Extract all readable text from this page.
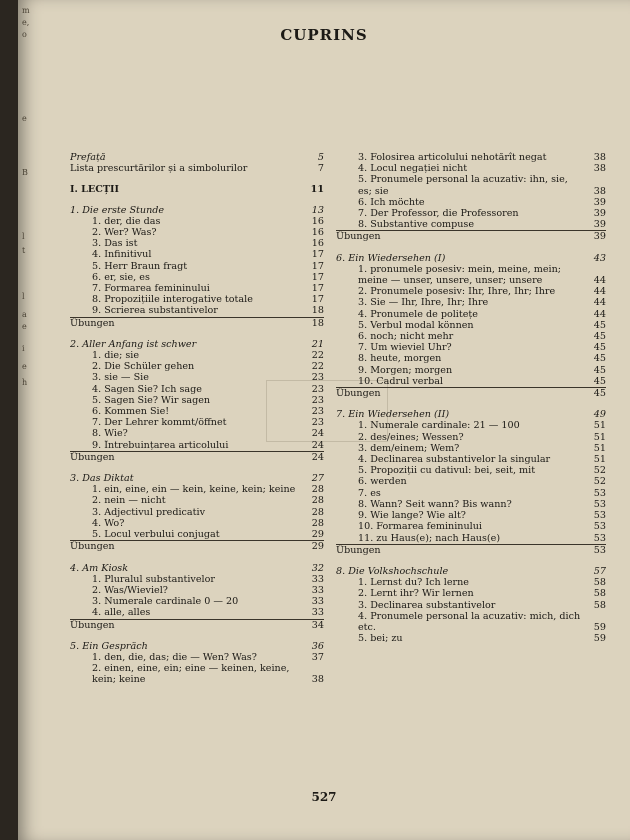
m
e,
o
e
B
l
t
l
a
e
i
e
h
CUPRINS
Prefață	5
Lista prescurtărilor și a simbolurilor	7
I. LECȚII	11
1. Die erste Stunde	13
1. der, die das	16
2. Wer? Was?	16
3. Das ist	16
4. Infinitivul	17
5. Herr Braun fragt	17
6. er, sie, es	17
7. Formarea femininului	17
8. Propozițiile interogative totale	17
9. Scrierea substantivelor	18
Übungen	18
2. Aller Anfang ist schwer	21
1. die; sie	22
2. Die Schüler gehen	22
3. sie — Sie	23
4. Sagen Sie? Ich sage	23
5. Sagen Sie? Wir sagen	23
6. Kommen Sie!	23
7. Der Lehrer kommt/öffnet	23
8. Wie?	24
9. Întrebuințarea articolului	24
Übungen	24
3. Das Diktat	27
1. ein, eine, ein — kein, keine, kein; keine	28
2. nein — nicht	28
3. Adjectivul predicativ	28
4. Wo?	28
5. Locul verbului conjugat	29
Übungen	29
4. Am Kiosk	32
1. Pluralul substantivelor	33
2. Was/Wieviel?	33
3. Numerale cardinale 0 — 20	33
4. alle, alles	33
Übungen	34
5. Ein Gespräch	36
1. den, die, das; die — Wen? Was?	37
2. einen, eine, ein; eine — keinen, keine, kein; keine	38
3. Folosirea articolului nehotărît negat	38
4. Locul negației nicht	38
5. Pronumele personal la acuzativ: ihn, sie, es; sie	38
6. Ich möchte	39
7. Der Professor, die Professoren	39
8. Substantive compuse	39
Übungen	39
6. Ein Wiedersehen (I)	43
1. pronumele posesiv: mein, meine, mein; meine — unser, unsere, unser; unsere	44
2. Pronumele posesiv: Ihr, Ihre, Ihr; Ihre	44
3. Sie — Ihr, Ihre, Ihr; Ihre	44
4. Pronumele de politețe	44
5. Verbul modal können	45
6. noch; nicht mehr	45
7. Um wieviel Uhr?	45
8. heute, morgen	45
9. Morgen; morgen	45
10. Cadrul verbal	45
Übungen	45
7. Ein Wiedersehen (II)	49
1. Numerale cardinale: 21 — 100	51
2. des/eines; Wessen?	51
3. dem/einem; Wem?	51
4. Declinarea substantivelor la singular	51
5. Propoziții cu dativul: bei, seit, mit	52
6. werden	52
7. es	53
8. Wann? Seit wann? Bis wann?	53
9. Wie lange? Wie alt?	53
10. Formarea femininului	53
11. zu Haus(e); nach Haus(e)	53
Übungen	53
8. Die Volkshochschule	57
1. Lernst du? Ich lerne	58
2. Lernt ihr? Wir lernen	58
3. Declinarea substantivelor	58
4. Pronumele personal la acuzativ: mich, dich etc.	59
5. bei; zu	59
527
